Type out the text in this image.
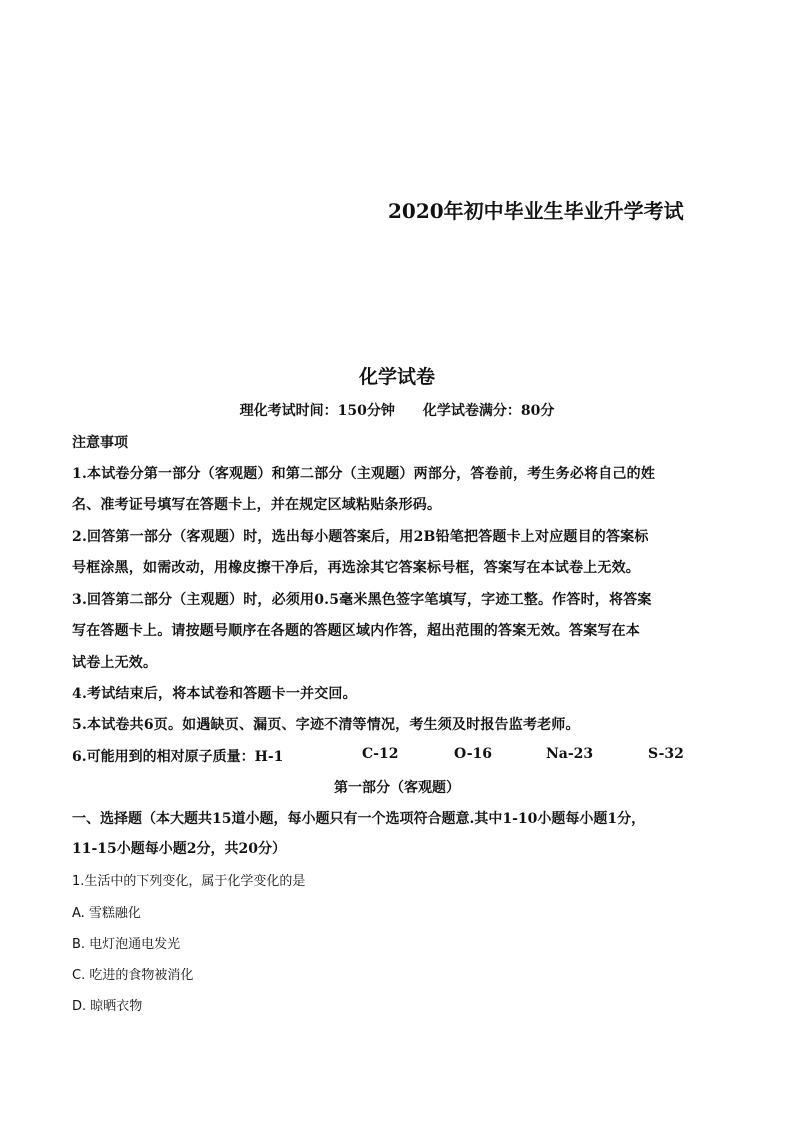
2020年初中毕业生毕业升学考试
化学试卷
理化考试时间：150分钟 化学试卷满分：80分
注意事项
1.本试卷分第一部分（客观题）和第二部分（主观题）两部分，答卷前，考生务必将自己的姓
名、准考证号填写在答题卡上，并在规定区域粘贴条形码。
2.回答第一部分（客观题）时，选出每小题答案后，用2B铅笔把答题卡上对应题目的答案标
号框涂黑，如需改动，用橡皮擦干净后，再选涂其它答案标号框，答案写在本试卷上无效。
3.回答第二部分（主观题）时，必须用0.5毫米黑色签字笔填写，字迹工整。作答时，将答案
写在答题卡上。请按题号顺序在各题的答题区域内作答，超出范围的答案无效。答案写在本
试卷上无效。
4.考试结束后，将本试卷和答题卡一并交回。
5.本试卷共6页。如遇缺页、漏页、字迹不清等情况，考生须及时报告监考老师。
6.可能用到的相对原子质量：H-1	C-12	O-16	Na-23	S-32
第一部分（客观题）
一、选择题（本大题共15道小题，每小题只有一个选项符合题意.其中1-10小题每小题1分，
11-15小题每小题2分，共20分）
1.生活中的下列变化，属于化学变化的是
A. 雪糕融化
B. 电灯泡通电发光
C. 吃进的食物被消化
D. 晾晒衣物
